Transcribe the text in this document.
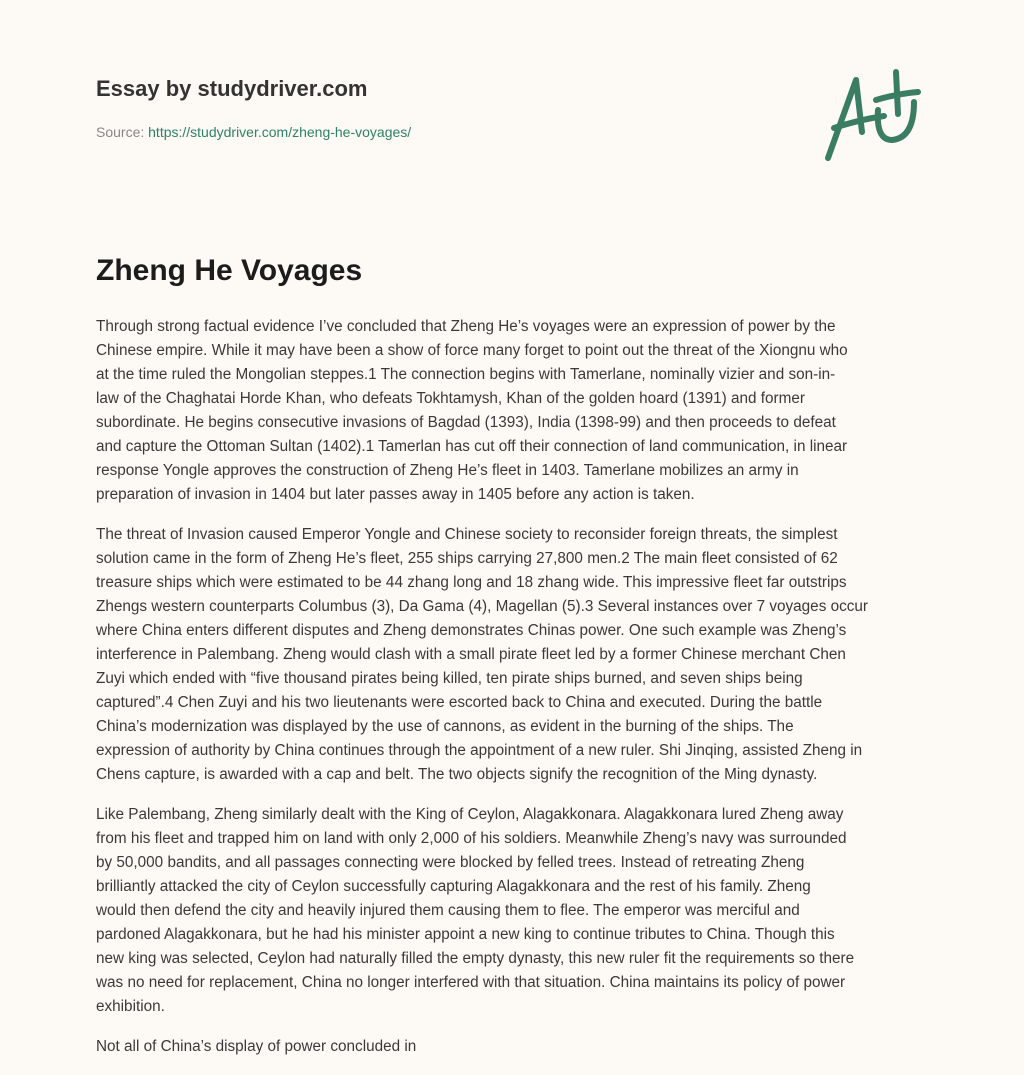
Essay by studydriver.com
Source: https://studydriver.com/zheng-he-voyages/
Zheng He Voyages

Through strong factual evidence I’ve concluded that Zheng He’s voyages were an expression of power by the
Chinese empire. While it may have been a show of force many forget to point out the threat of the Xiongnu who
at the time ruled the Mongolian steppes.1 The connection begins with Tamerlane, nominally vizier and son-in-
law of the Chaghatai Horde Khan, who defeats Tokhtamysh, Khan of the golden hoard (1391) and former
subordinate. He begins consecutive invasions of Bagdad (1393), India (1398-99) and then proceeds to defeat
and capture the Ottoman Sultan (1402).1 Tamerlan has cut off their connection of land communication, in linear
response Yongle approves the construction of Zheng He’s fleet in 1403. Tamerlane mobilizes an army in
preparation of invasion in 1404 but later passes away in 1405 before any action is taken.

The threat of Invasion caused Emperor Yongle and Chinese society to reconsider foreign threats, the simplest
solution came in the form of Zheng He’s fleet, 255 ships carrying 27,800 men.2 The main fleet consisted of 62
treasure ships which were estimated to be 44 zhang long and 18 zhang wide. This impressive fleet far outstrips
Zhengs western counterparts Columbus (3), Da Gama (4), Magellan (5).3 Several instances over 7 voyages occur
where China enters different disputes and Zheng demonstrates Chinas power. One such example was Zheng’s
interference in Palembang. Zheng would clash with a small pirate fleet led by a former Chinese merchant Chen
Zuyi which ended with “five thousand pirates being killed, ten pirate ships burned, and seven ships being
captured”.4 Chen Zuyi and his two lieutenants were escorted back to China and executed. During the battle
China’s modernization was displayed by the use of cannons, as evident in the burning of the ships. The
expression of authority by China continues through the appointment of a new ruler. Shi Jinqing, assisted Zheng in
Chens capture, is awarded with a cap and belt. The two objects signify the recognition of the Ming dynasty.

Like Palembang, Zheng similarly dealt with the King of Ceylon, Alagakkonara. Alagakkonara lured Zheng away
from his fleet and trapped him on land with only 2,000 of his soldiers. Meanwhile Zheng’s navy was surrounded
by 50,000 bandits, and all passages connecting were blocked by felled trees. Instead of retreating Zheng
brilliantly attacked the city of Ceylon successfully capturing Alagakkonara and the rest of his family. Zheng
would then defend the city and heavily injured them causing them to flee. The emperor was merciful and
pardoned Alagakkonara, but he had his minister appoint a new king to continue tributes to China. Though this
new king was selected, Ceylon had naturally filled the empty dynasty, this new ruler fit the requirements so there
was no need for replacement, China no longer interfered with that situation. China maintains its policy of power
exhibition.

Not all of China’s display of power concluded in
